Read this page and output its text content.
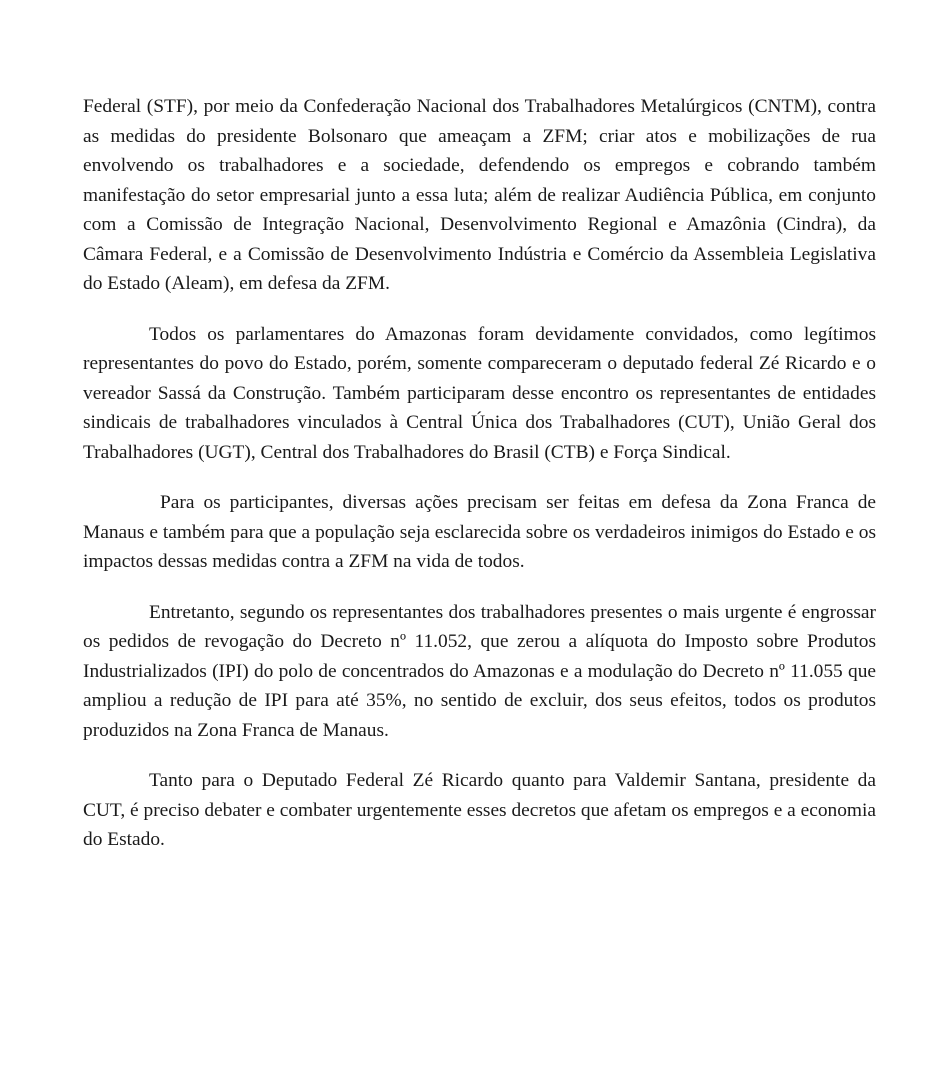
Federal (STF), por meio da Confederação Nacional dos Trabalhadores Metalúrgicos (CNTM), contra as medidas do presidente Bolsonaro que ameaçam a ZFM; criar atos e mobilizações de rua envolvendo os trabalhadores e a sociedade, defendendo os empregos e cobrando também manifestação do setor empresarial junto a essa luta; além de realizar Audiência Pública, em conjunto com a Comissão de Integração Nacional, Desenvolvimento Regional e Amazônia (Cindra), da Câmara Federal, e a Comissão de Desenvolvimento Indústria e Comércio da Assembleia Legislativa do Estado (Aleam), em defesa da ZFM.

Todos os parlamentares do Amazonas foram devidamente convidados, como legítimos representantes do povo do Estado, porém, somente compareceram o deputado federal Zé Ricardo e o vereador Sassá da Construção. Também participaram desse encontro os representantes de entidades sindicais de trabalhadores vinculados à Central Única dos Trabalhadores (CUT), União Geral dos Trabalhadores (UGT), Central dos Trabalhadores do Brasil (CTB) e Força Sindical.

Para os participantes, diversas ações precisam ser feitas em defesa da Zona Franca de Manaus e também para que a população seja esclarecida sobre os verdadeiros inimigos do Estado e os impactos dessas medidas contra a ZFM na vida de todos.

Entretanto, segundo os representantes dos trabalhadores presentes o mais urgente é engrossar os pedidos de revogação do Decreto nº 11.052, que zerou a alíquota do Imposto sobre Produtos Industrializados (IPI) do polo de concentrados do Amazonas e a modulação do Decreto nº 11.055 que ampliou a redução de IPI para até 35%, no sentido de excluir, dos seus efeitos, todos os produtos produzidos na Zona Franca de Manaus.

Tanto para o Deputado Federal Zé Ricardo quanto para Valdemir Santana, presidente da CUT, é preciso debater e combater urgentemente esses decretos que afetam os empregos e a economia do Estado.
